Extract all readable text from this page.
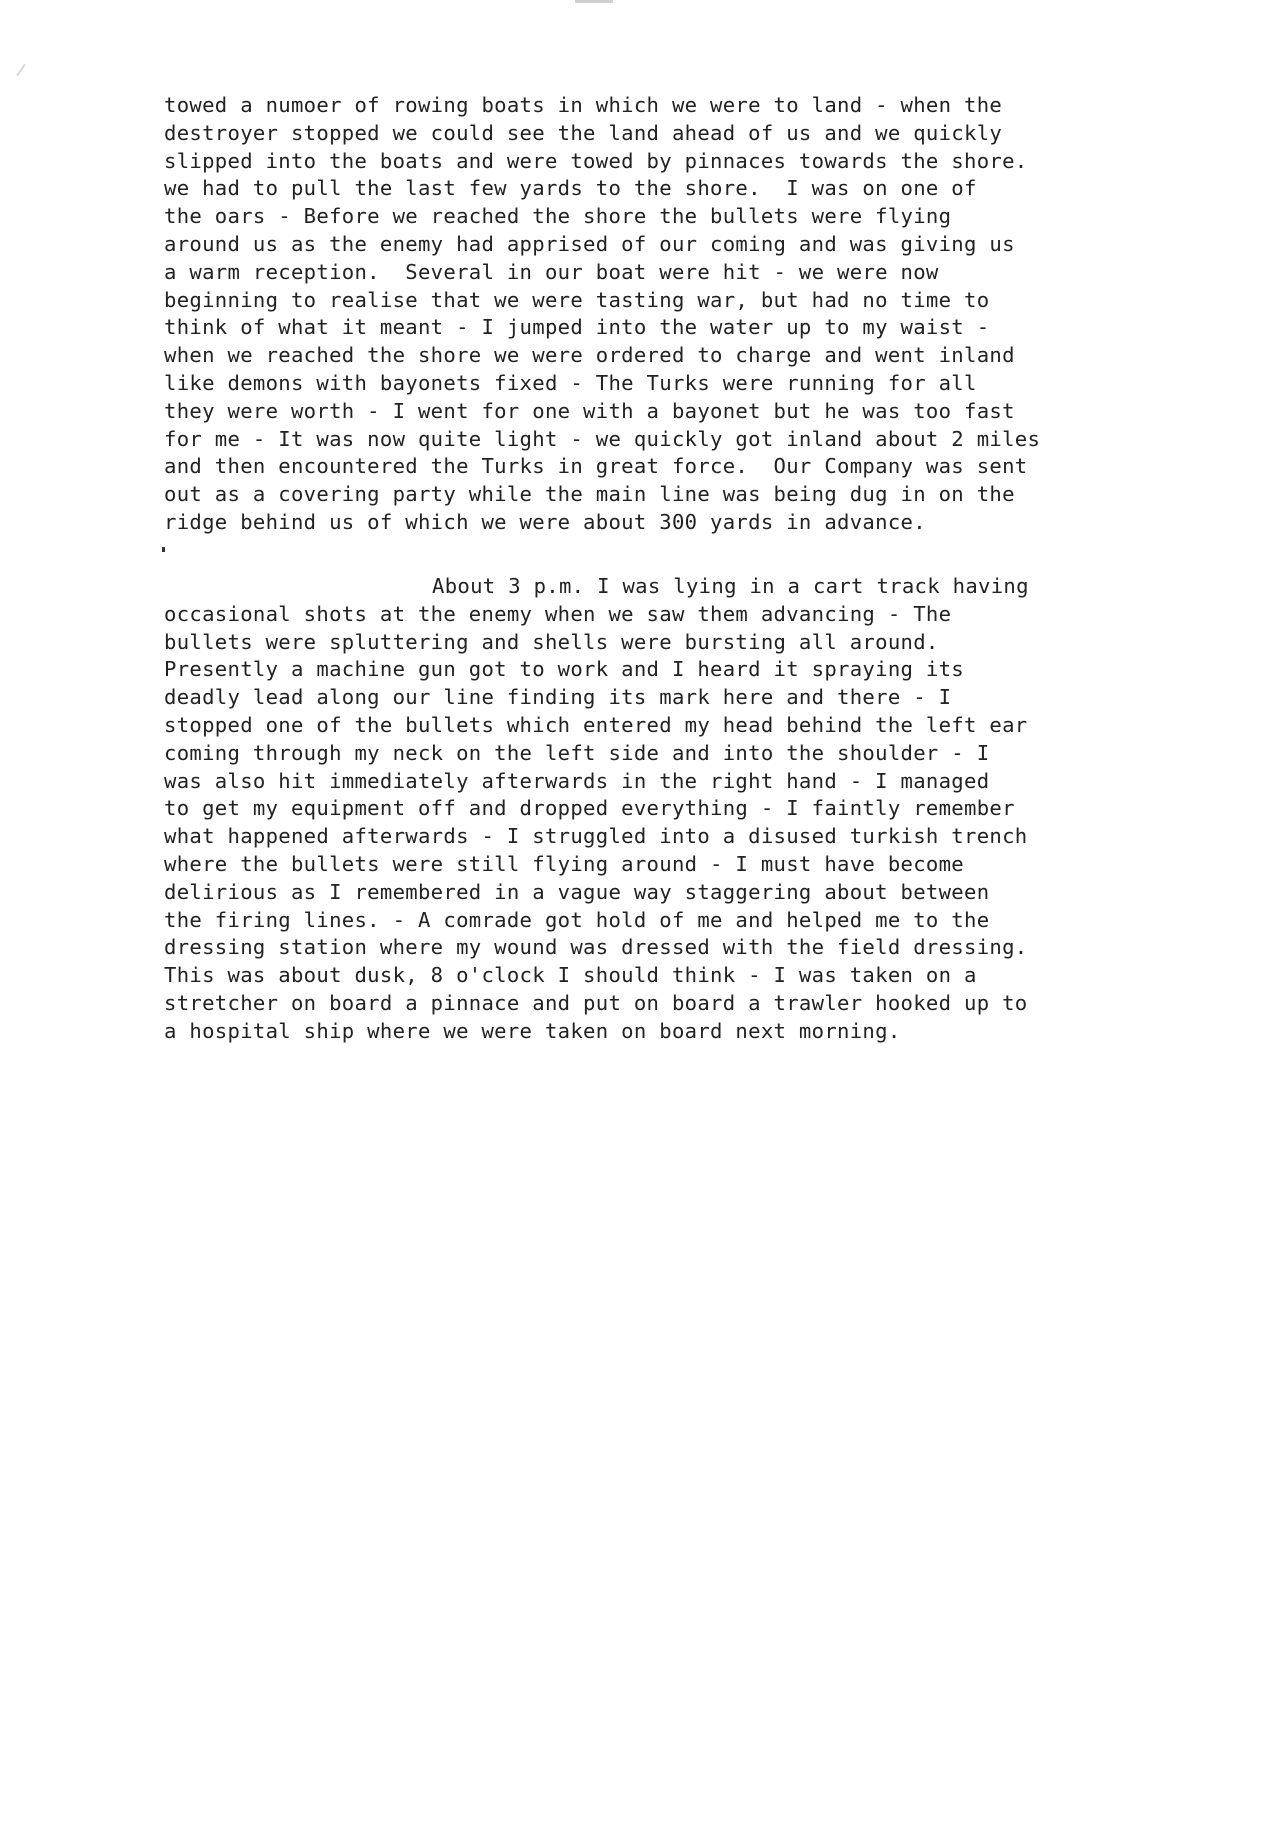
towed a numoer of rowing boats in which we were to land - when the
destroyer stopped we could see the land ahead of us and we quickly
slipped into the boats and were towed by pinnaces towards the shore.
we had to pull the last few yards to the shore.  I was on one of
the oars - Before we reached the shore the bullets were flying
around us as the enemy had apprised of our coming and was giving us
a warm reception.  Several in our boat were hit - we were now
beginning to realise that we were tasting war, but had no time to
think of what it meant - I jumped into the water up to my waist -
when we reached the shore we were ordered to charge and went inland
like demons with bayonets fixed - The Turks were running for all
they were worth - I went for one with a bayonet but he was too fast
for me - It was now quite light - we quickly got inland about 2 miles
and then encountered the Turks in great force.  Our Company was sent
out as a covering party while the main line was being dug in on the
ridge behind us of which we were about 300 yards in advance.
About 3 p.m. I was lying in a cart track having
occasional shots at the enemy when we saw them advancing - The
bullets were spluttering and shells were bursting all around.
Presently a machine gun got to work and I heard it spraying its
deadly lead along our line finding its mark here and there - I
stopped one of the bullets which entered my head behind the left ear
coming through my neck on the left side and into the shoulder - I
was also hit immediately afterwards in the right hand - I managed
to get my equipment off and dropped everything - I faintly remember
what happened afterwards - I struggled into a disused turkish trench
where the bullets were still flying around - I must have become
delirious as I remembered in a vague way staggering about between
the firing lines. - A comrade got hold of me and helped me to the
dressing station where my wound was dressed with the field dressing.
This was about dusk, 8 o'clock I should think - I was taken on a
stretcher on board a pinnace and put on board a trawler hooked up to
a hospital ship where we were taken on board next morning.
